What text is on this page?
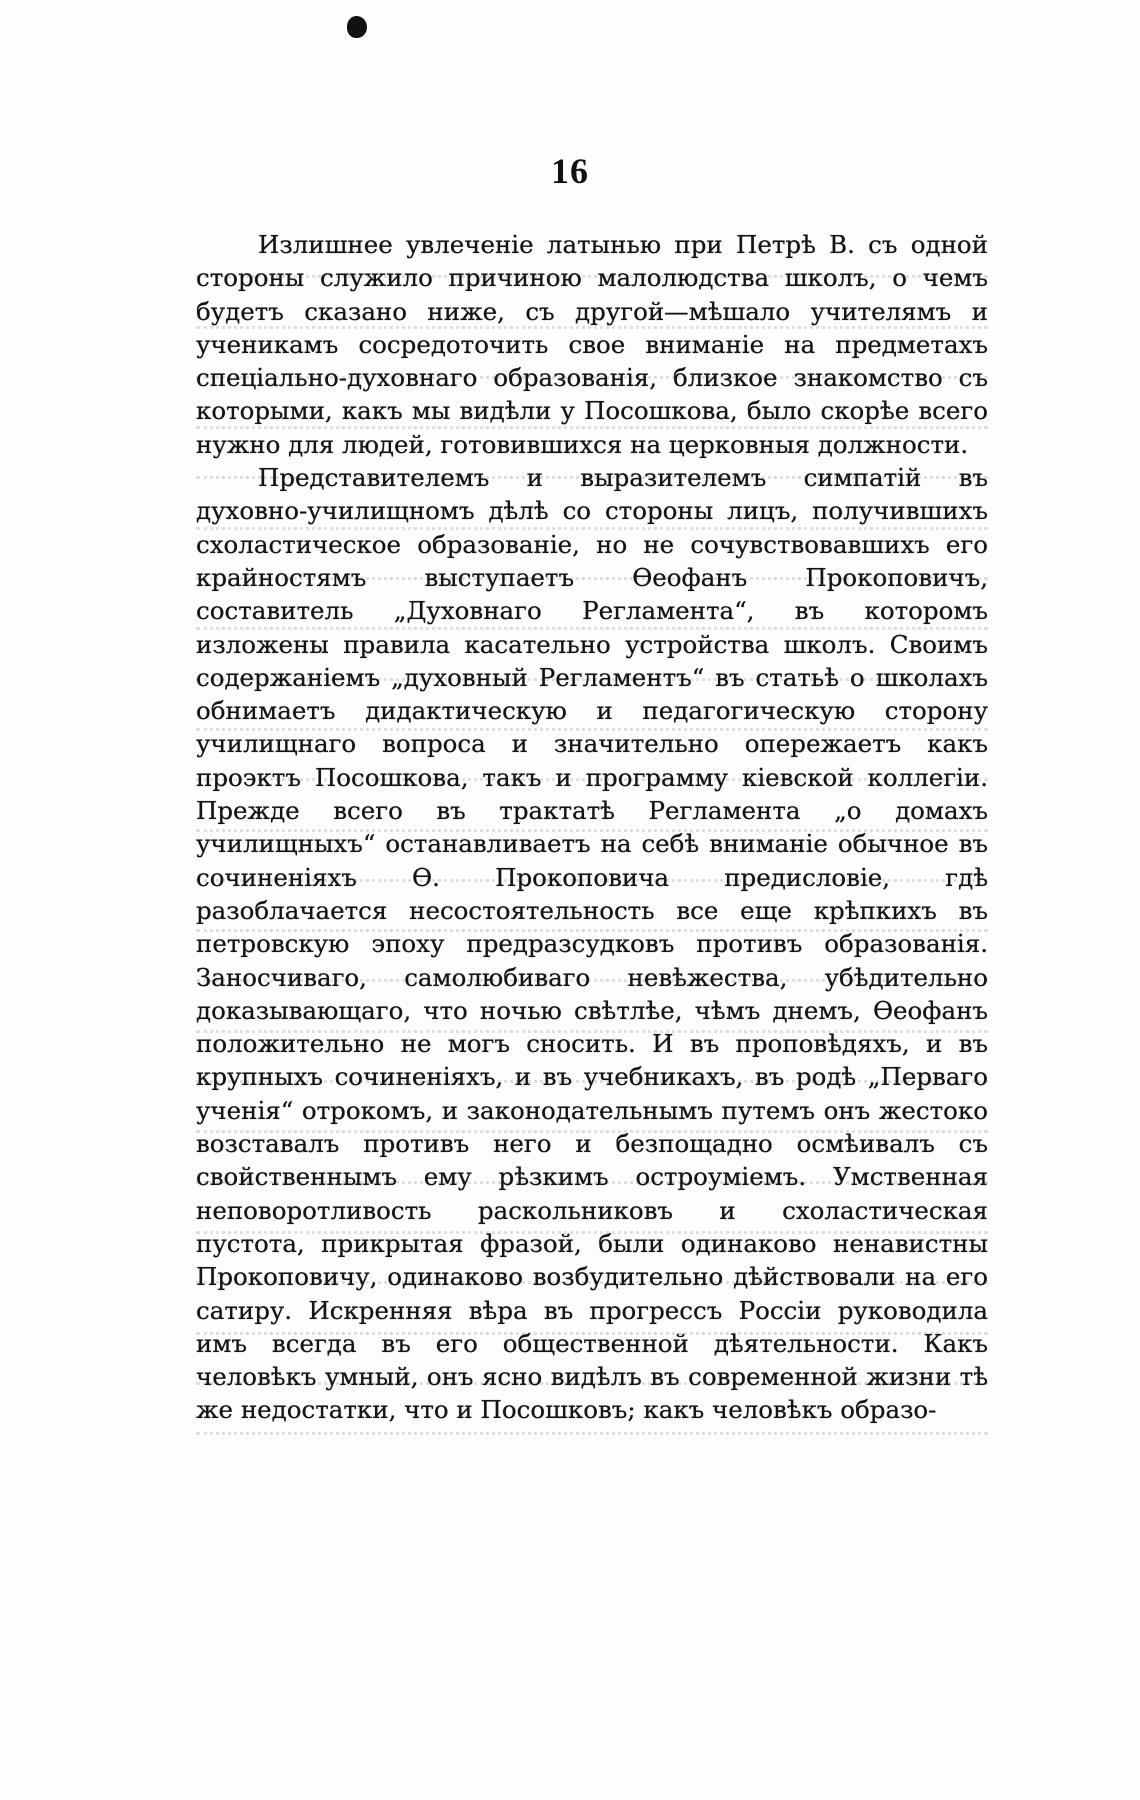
16

Излишнее увлеченіе латынью при Петрѣ В. съ одной стороны служило причиною малолюдства школъ, о чемъ будетъ сказано ниже, съ другой—мѣшало учителямъ и ученикамъ сосредоточить свое вниманіе на предметахъ спеціально-духовнаго образованія, близкое знакомство съ которыми, какъ мы видѣли у Посошкова, было скорѣе всего нужно для людей, готовившихся на церковныя должности.

Представителемъ и выразителемъ симпатій въ духовно-училищномъ дѣлѣ со стороны лицъ, получившихъ схоластическое образованіе, но не сочувствовавшихъ его крайностямъ выступаетъ Ѳеофанъ Прокоповичъ, составитель „Духовнаго Регламента“, въ которомъ изложены правила касательно устройства школъ. Своимъ содержаніемъ „духовный Регламентъ“ въ статьѣ о школахъ обнимаетъ дидактическую и педагогическую сторону училищнаго вопроса и значительно опережаетъ какъ проэктъ Посошкова, такъ и программу кіевской коллегіи. Прежде всего въ трактатѣ Регламента „о домахъ училищныхъ“ останавливаетъ на себѣ вниманіе обычное въ сочиненіяхъ Ѳ. Прокоповича предисловіе, гдѣ разоблачается несостоятельность все еще крѣпкихъ въ петровскую эпоху предразсудковъ противъ образованія. Заносчиваго, самолюбиваго невѣжества, убѣдительно доказывающаго, что ночью свѣтлѣе, чѣмъ днемъ, Ѳеофанъ положительно не могъ сносить. И въ проповѣдяхъ, и въ крупныхъ сочиненіяхъ, и въ учебникахъ, въ родѣ „Перваго ученія“ отрокомъ, и законодательнымъ путемъ онъ жестоко возставалъ противъ него и безпощадно осмѣивалъ съ свойственнымъ ему рѣзкимъ остроуміемъ. Умственная неповоротливость раскольниковъ и схоластическая пустота, прикрытая фразой, были одинаково ненавистны Прокоповичу, одинаково возбудительно дѣйствовали на его сатиру. Искренняя вѣра въ прогрессъ Россіи руководила имъ всегда въ его общественной дѣятельности. Какъ человѣкъ умный, онъ ясно видѣлъ въ современной жизни тѣ же недостатки, что и Посошковъ; какъ человѣкъ образо-
